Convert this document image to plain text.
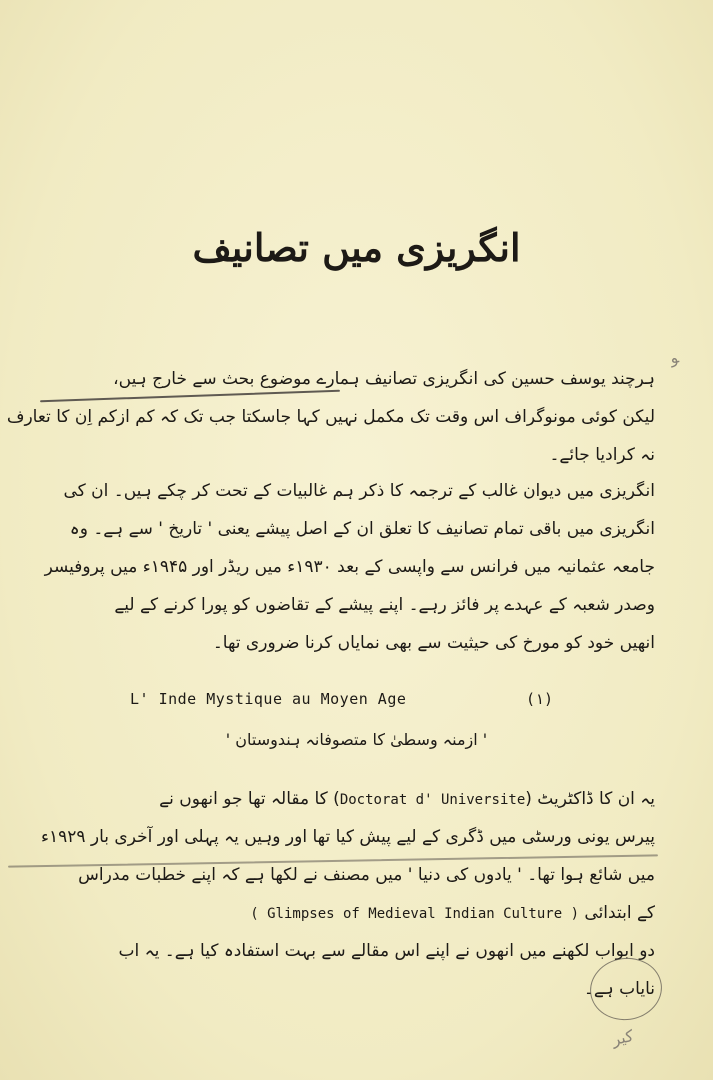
انگریزی میں تصانیف
ﻮ
ہرچند یوسف حسین کی انگریزی تصانیف ہمارے موضوع بحث سے خارج ہیں،
لیکن کوئی مونوگراف اس وقت تک مکمل نہیں کہا جاسکتا جب تک کہ کم ازکم اِن کا تعارف
نہ کرادیا جائے۔
انگریزی میں دیوان غالب کے ترجمہ کا ذکر ہم غالبیات کے تحت کر چکے ہیں۔ ان کی
انگریزی میں باقی تمام تصانیف کا تعلق ان کے اصل پیشے یعنی ' تاریخ ' سے ہے۔ وہ
جامعہ عثمانیہ میں فرانس سے واپسی کے بعد ۱۹۳۰ء میں ریڈر اور ۱۹۴۵ء میں پروفیسر
وصدر شعبہ کے عہدے پر فائز رہے۔ اپنے پیشے کے تقاضوں کو پورا کرنے کے لیے
انھیں خود کو مورخ کی حیثیت سے بھی نمایاں کرنا ضروری تھا۔
L' Inde Mystique au Moyen Age	(۱)
' ازمنہ وسطیٰ کا متصوفانہ ہندوستان '
یہ ان کا ڈاکٹریٹ (Doctorat d' Universite) کا مقالہ تھا جو انھوں نے
پیرس یونی ورسٹی میں ڈگری کے لیے پیش کیا تھا اور وہیں یہ پہلی اور آخری بار ۱۹۲۹ء
میں شائع ہوا تھا۔ ' یادوں کی دنیا ' میں مصنف نے لکھا ہے کہ اپنے خطبات مدراس
کے ابتدائی ( Glimpses of Medieval Indian Culture )
دو ابواب لکھنے میں انھوں نے اپنے اس مقالے سے بہت استفادہ کیا ہے۔ یہ اب
نایاب ہے۔
ﻛﻴﺮ
